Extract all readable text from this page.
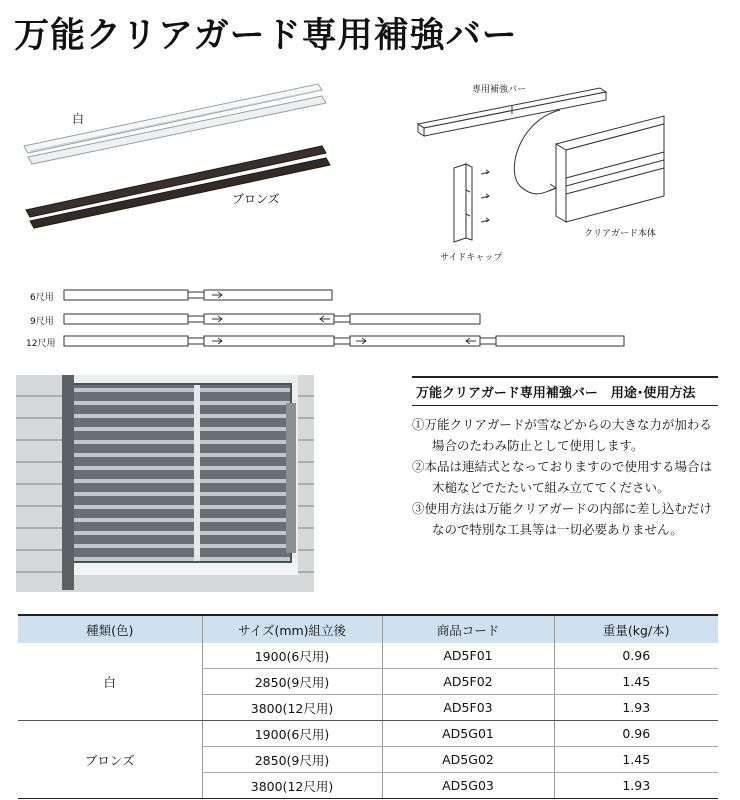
万能クリアガード専用補強バー
白
ブロンズ
専用補強バー
サイドキャップ
クリアガード本体
6尺用
9尺用
12尺用
万能クリアガード専用補強バー　用途･使用方法
①万能クリアガードが雪などからの大きな力が加わる場合のたわみ防止として使用します。
②本品は連結式となっておりますので使用する場合は木槌などでたたいて組み立ててください。
③使用方法は万能クリアガードの内部に差し込むだけなので特別な工具等は一切必要ありません。
種類(色)	サイズ(mm)組立後	商品コード	重量(kg/本)
白	1900(6尺用)	AD5F01	0.96
	2850(9尺用)	AD5F02	1.45
	3800(12尺用)	AD5F03	1.93
ブロンズ	1900(6尺用)	AD5G01	0.96
	2850(9尺用)	AD5G02	1.45
	3800(12尺用)	AD5G03	1.93
